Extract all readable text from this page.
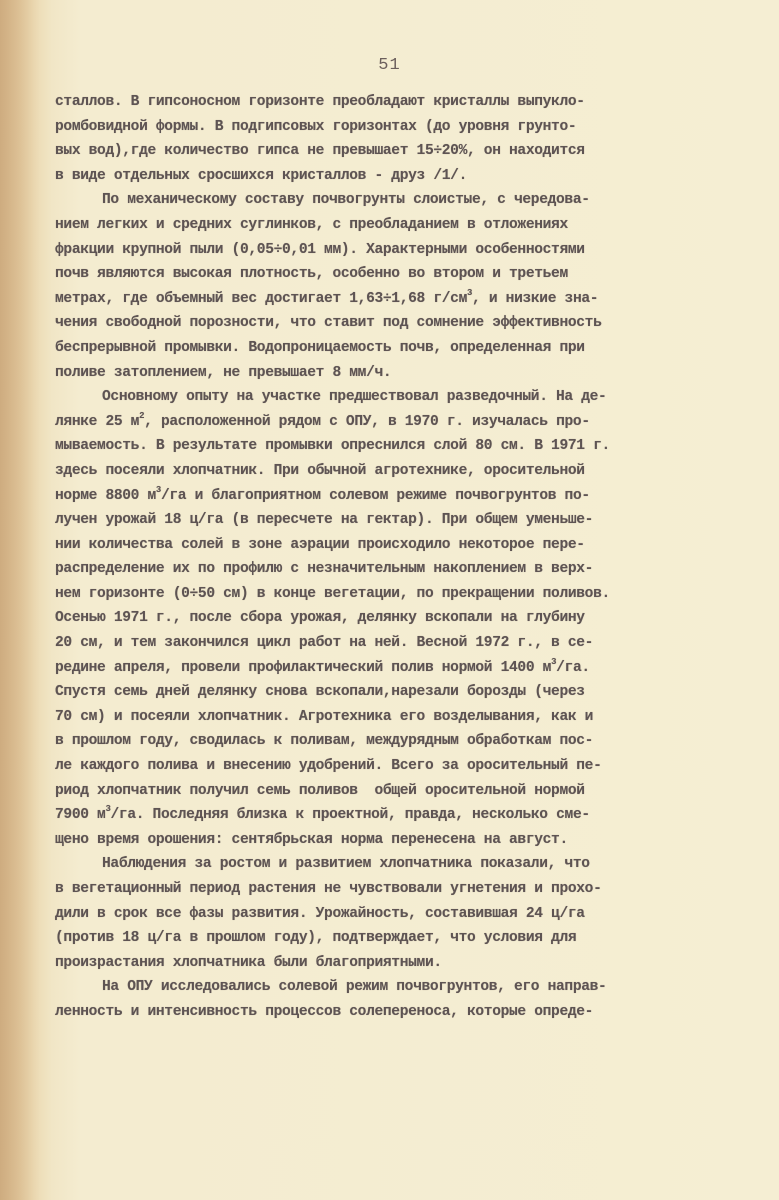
51
сталлов. В гипсоносном горизонте преобладают кристаллы выпукло-
ромбовидной формы. В подгипсовых горизонтах (до уровня грунто-
вых вод),где количество гипса не превышает 15÷20%, он находится
в виде отдельных сросшихся кристаллов - друз /1/.
По механическому составу почвогрунты слоистые, с чередова-
нием легких и средних суглинков, с преобладанием в отложениях
фракции крупной пыли (0,05÷0,01 мм). Характерными особенностями
почв являются высокая плотность, особенно во втором и третьем
метрах, где объемный вес достигает 1,63÷1,68 $г/см^3$, и низкие зна-
чения свободной порозности, что ставит под сомнение эффективность
беспрерывной промывки. Водопроницаемость почв, определенная при
поливе затоплением, не превышает 8 мм/ч.
Основному опыту на участке предшествовал разведочный. На де-
лянке 25 $м^2$, расположенной рядом с ОПУ, в 1970 г. изучалась про-
мываемость. В результате промывки опреснился слой 80 см. В 1971 г.
здесь посеяли хлопчатник. При обычной агротехнике, оросительной
норме 8800 $м^3/га$ и благоприятном солевом режиме почвогрунтов по-
лучен урожай 18 ц/га (в пересчете на гектар). При общем уменьше-
нии количества солей в зоне аэрации происходило некоторое пере-
распределение их по профилю с незначительным накоплением в верх-
нем горизонте (0÷50 см) в конце вегетации, по прекращении поливов.
Осенью 1971 г., после сбора урожая, делянку вскопали на глубину
20 см, и тем закончился цикл работ на ней. Весной 1972 г., в се-
редине апреля, провели профилактический полив нормой 1400 $м^3/га$.
Спустя семь дней делянку снова вскопали,нарезали борозды (через
70 см) и посеяли хлопчатник. Агротехника его возделывания, как и
в прошлом году, сводилась к поливам, междурядным обработкам пос-
ле каждого полива и внесению удобрений. Всего за оросительный пе-
риод хлопчатник получил семь поливов  общей оросительной нормой
7900 $м^3/га$. Последняя близка к проектной, правда, несколько сме-
щено время орошения: сентябрьская норма перенесена на август.
Наблюдения за ростом и развитием хлопчатника показали, что
в вегетационный период растения не чувствовали угнетения и прохо-
дили в срок все фазы развития. Урожайность, составившая 24 ц/га
(против 18 ц/га в прошлом году), подтверждает, что условия для
произрастания хлопчатника были благоприятными.
На ОПУ исследовались солевой режим почвогрунтов, его направ-
ленность и интенсивность процессов солепереноса, которые опреде-
